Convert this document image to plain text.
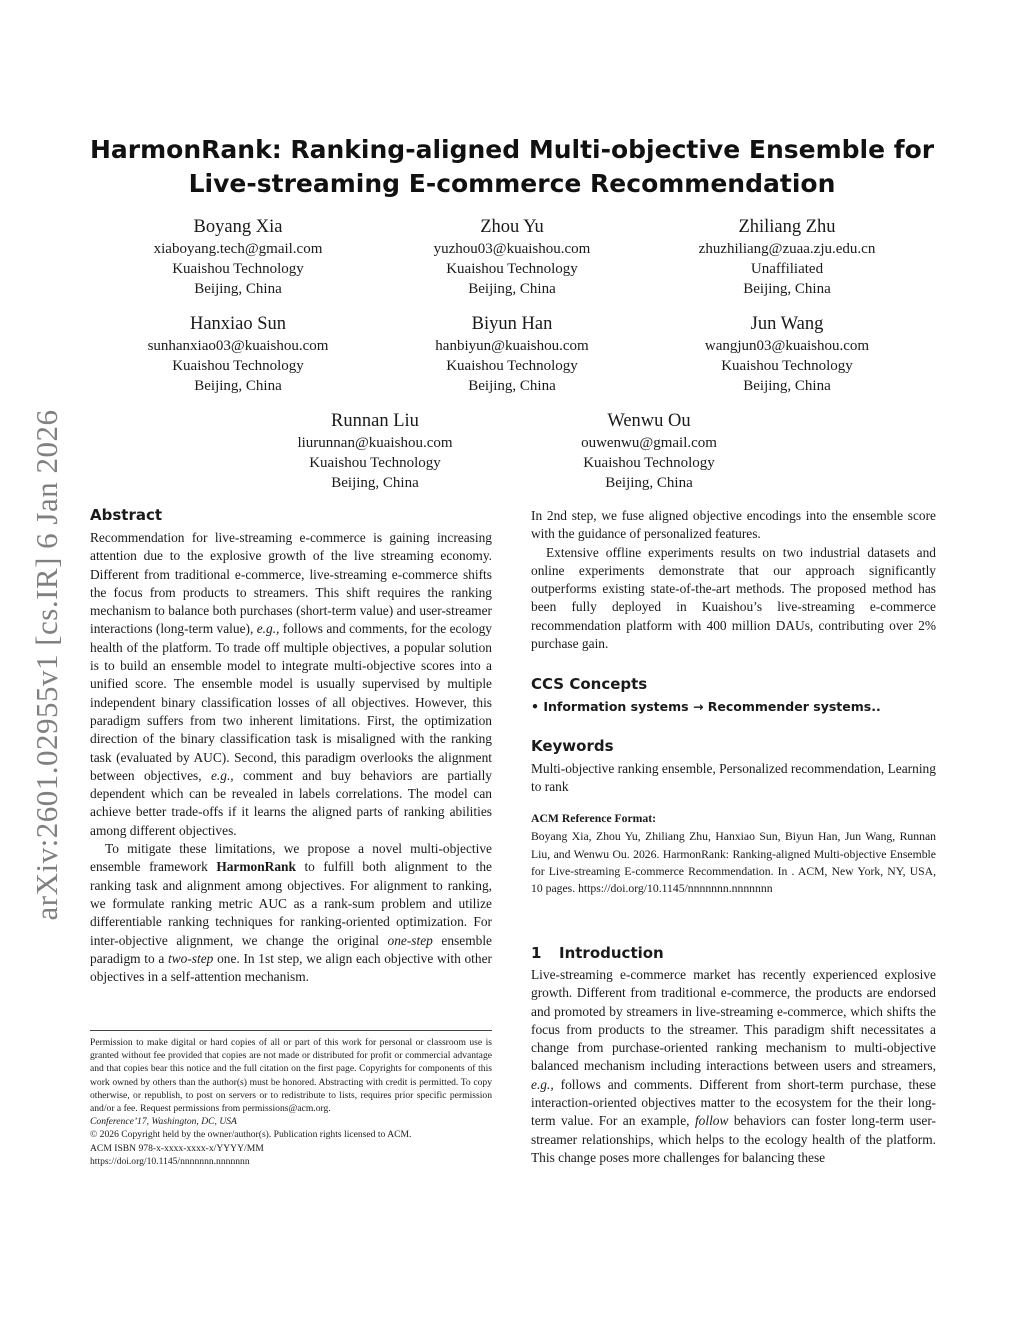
arXiv:2601.02955v1 [cs.IR] 6 Jan 2026
HarmonRank: Ranking-aligned Multi-objective Ensemble for
Live-streaming E-commerce Recommendation
Boyang Xia
xiaboyang.tech@gmail.com
Kuaishou Technology
Beijing, China
Zhou Yu
yuzhou03@kuaishou.com
Kuaishou Technology
Beijing, China
Zhiliang Zhu
zhuzhiliang@zuaa.zju.edu.cn
Unaffiliated
Beijing, China
Hanxiao Sun
sunhanxiao03@kuaishou.com
Kuaishou Technology
Beijing, China
Biyun Han
hanbiyun@kuaishou.com
Kuaishou Technology
Beijing, China
Jun Wang
wangjun03@kuaishou.com
Kuaishou Technology
Beijing, China
Runnan Liu
liurunnan@kuaishou.com
Kuaishou Technology
Beijing, China
Wenwu Ou
ouwenwu@gmail.com
Kuaishou Technology
Beijing, China
Abstract

Recommendation for live-streaming e-commerce is gaining increasing attention due to the explosive growth of the live streaming economy. Different from traditional e-commerce, live-streaming e-commerce shifts the focus from products to streamers. This shift requires the ranking mechanism to balance both purchases (short-term value) and user-streamer interactions (long-term value), e.g., follows and comments, for the ecology health of the platform. To trade off multiple objectives, a popular solution is to build an ensemble model to integrate multi-objective scores into a unified score. The ensemble model is usually supervised by multiple independent binary classification losses of all objectives. However, this paradigm suffers from two inherent limitations. First, the optimization direction of the binary classification task is misaligned with the ranking task (evaluated by AUC). Second, this paradigm overlooks the alignment between objectives, e.g., comment and buy behaviors are partially dependent which can be revealed in labels correlations. The model can achieve better trade-offs if it learns the aligned parts of ranking abilities among different objectives.

To mitigate these limitations, we propose a novel multi-objective ensemble framework HarmonRank to fulfill both alignment to the ranking task and alignment among objectives. For alignment to ranking, we formulate ranking metric AUC as a rank-sum problem and utilize differentiable ranking techniques for ranking-oriented optimization. For inter-objective alignment, we change the original one-step ensemble paradigm to a two-step one. In 1st step, we align each objective with other objectives in a self-attention mechanism.

Permission to make digital or hard copies of all or part of this work for personal or classroom use is granted without fee provided that copies are not made or distributed for profit or commercial advantage and that copies bear this notice and the full citation on the first page. Copyrights for components of this work owned by others than the author(s) must be honored. Abstracting with credit is permitted. To copy otherwise, or republish, to post on servers or to redistribute to lists, requires prior specific permission and/or a fee. Request permissions from permissions@acm.org.

Conference’17, Washington, DC, USA

© 2026 Copyright held by the owner/author(s). Publication rights licensed to ACM.

ACM ISBN 978-x-xxxx-xxxx-x/YYYY/MM

https://doi.org/10.1145/nnnnnnn.nnnnnnn

In 2nd step, we fuse aligned objective encodings into the ensemble score with the guidance of personalized features.

Extensive offline experiments results on two industrial datasets and online experiments demonstrate that our approach significantly outperforms existing state-of-the-art methods. The proposed method has been fully deployed in Kuaishou’s live-streaming e-commerce recommendation platform with 400 million DAUs, contributing over 2% purchase gain.

CCS Concepts
• Information systems → Recommender systems..
Keywords

Multi-objective ranking ensemble, Personalized recommendation, Learning to rank

ACM Reference Format:

Boyang Xia, Zhou Yu, Zhiliang Zhu, Hanxiao Sun, Biyun Han, Jun Wang, Runnan Liu, and Wenwu Ou. 2026. HarmonRank: Ranking-aligned Multi-objective Ensemble for Live-streaming E-commerce Recommendation. In . ACM, New York, NY, USA, 10 pages. https://doi.org/10.1145/nnnnnnn.nnnnnnn

1 Introduction

Live-streaming e-commerce market has recently experienced explosive growth. Different from traditional e-commerce, the products are endorsed and promoted by streamers in live-streaming e-commerce, which shifts the focus from products to the streamer. This paradigm shift necessitates a change from purchase-oriented ranking mechanism to multi-objective balanced mechanism including interactions between users and streamers, e.g., follows and comments. Different from short-term purchase, these interaction-oriented objectives matter to the ecosystem for the their long-term value. For an example, follow behaviors can foster long-term user-streamer relationships, which helps to the ecology health of the platform. This change poses more challenges for balancing these
